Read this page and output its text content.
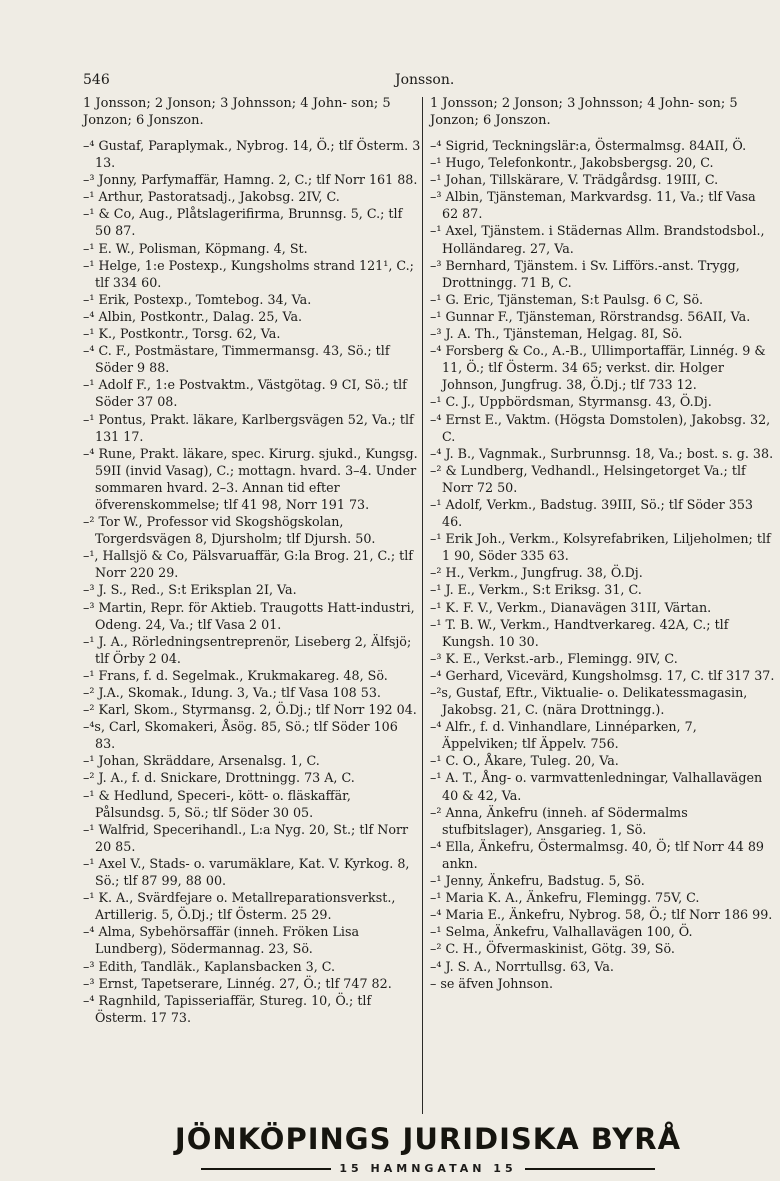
546	Jonsson.
1 Jonsson; 2 Jonson; 3 Johnsson; 4 John- son; 5 Jonzon; 6 Jonszon.

–⁴ Gustaf, Paraplymak., Nybrog. 14, Ö.; tlf Österm. 3 13.

–³ Jonny, Parfymaffär, Hamng. 2, C.; tlf Norr 161 88.

–¹ Arthur, Pastoratsadj., Jakobsg. 2IV, C.

–¹ & Co, Aug., Plåtslagerifirma, Brunnsg. 5, C.; tlf 50 87.

–¹ E. W., Polisman, Köpmang. 4, St.

–¹ Helge, 1:e Postexp., Kungsholms strand 121¹, C.; tlf 334 60.

–¹ Erik, Postexp., Tomtebog. 34, Va.

–⁴ Albin, Postkontr., Dalag. 25, Va.

–¹ K., Postkontr., Torsg. 62, Va.

–⁴ C. F., Postmästare, Timmermansg. 43, Sö.; tlf Söder 9 88.

–¹ Adolf F., 1:e Postvaktm., Västgötag. 9 CI, Sö.; tlf Söder 37 08.

–¹ Pontus, Prakt. läkare, Karlbergsvägen 52, Va.; tlf 131 17.

–⁴ Rune, Prakt. läkare, spec. Kirurg. sjukd., Kungsg. 59II (invid Vasag), C.; mottagn. hvard. 3–4. Under sommaren hvard. 2–3. Annan tid efter öfverenskommelse; tlf 41 98, Norr 191 73.

–² Tor W., Professor vid Skogshögskolan, Torgerdsvägen 8, Djursholm; tlf Djursh. 50.

–¹, Hallsjö & Co, Pälsvaruaffär, G:la Brog. 21, C.; tlf Norr 220 29.

–³ J. S., Red., S:t Eriksplan 2I, Va.

–³ Martin, Repr. för Aktieb. Traugotts Hatt-industri, Odeng. 24, Va.; tlf Vasa 2 01.

–¹ J. A., Rörledningsentreprenör, Liseberg 2, Älfsjö; tlf Örby 2 04.

–¹ Frans, f. d. Segelmak., Krukmakareg. 48, Sö.

–² J.A., Skomak., Idung. 3, Va.; tlf Vasa 108 53.

–² Karl, Skom., Styrmansg. 2, Ö.Dj.; tlf Norr 192 04.

–⁴s, Carl, Skomakeri, Åsög. 85, Sö.; tlf Söder 106 83.

–¹ Johan, Skräddare, Arsenalsg. 1, C.

–² J. A., f. d. Snickare, Drottningg. 73 A, C.

–¹ & Hedlund, Speceri-, kött- o. fläskaffär, Pålsundsg. 5, Sö.; tlf Söder 30 05.

–¹ Walfrid, Specerihandl., L:a Nyg. 20, St.; tlf Norr 20 85.

–¹ Axel V., Stads- o. varumäklare, Kat. V. Kyrkog. 8, Sö.; tlf 87 99, 88 00.

–¹ K. A., Svärdfejare o. Metallreparationsverkst., Artillerig. 5, Ö.Dj.; tlf Österm. 25 29.

–⁴ Alma, Sybehörsaffär (inneh. Fröken Lisa Lundberg), Södermannag. 23, Sö.

–³ Edith, Tandläk., Kaplansbacken 3, C.

–³ Ernst, Tapetserare, Linnég. 27, Ö.; tlf 747 82.

–⁴ Ragnhild, Tapisseriaffär, Stureg. 10, Ö.; tlf Österm. 17 73.

1 Jonsson; 2 Jonson; 3 Johnsson; 4 John- son; 5 Jonzon; 6 Jonszon.

–⁴ Sigrid, Teckningslär:a, Östermalmsg. 84AII, Ö.

–¹ Hugo, Telefonkontr., Jakobsbergsg. 20, C.

–¹ Johan, Tillskärare, V. Trädgårdsg. 19III, C.

–³ Albin, Tjänsteman, Markvardsg. 11, Va.; tlf Vasa 62 87.

–¹ Axel, Tjänstem. i Städernas Allm. Brandstodsbol., Holländareg. 27, Va.

–³ Bernhard, Tjänstem. i Sv. Lifförs.-anst. Trygg, Drottningg. 71 B, C.

–¹ G. Eric, Tjänsteman, S:t Paulsg. 6 C, Sö.

–¹ Gunnar F., Tjänsteman, Rörstrandsg. 56AII, Va.

–³ J. A. Th., Tjänsteman, Helgag. 8I, Sö.

–⁴ Forsberg & Co., A.-B., Ullimportaffär, Linnég. 9 & 11, Ö.; tlf Österm. 34 65; verkst. dir. Holger Johnson, Jungfrug. 38, Ö.Dj.; tlf 733 12.

–¹ C. J., Uppbördsman, Styrmansg. 43, Ö.Dj.

–⁴ Ernst E., Vaktm. (Högsta Domstolen), Jakobsg. 32, C.

–⁴ J. B., Vagnmak., Surbrunnsg. 18, Va.; bost. s. g. 38.

–² & Lundberg, Vedhandl., Helsingetorget Va.; tlf Norr 72 50.

–¹ Adolf, Verkm., Badstug. 39III, Sö.; tlf Söder 353 46.

–¹ Erik Joh., Verkm., Kolsyrefabriken, Liljeholmen; tlf 1 90, Söder 335 63.

–² H., Verkm., Jungfrug. 38, Ö.Dj.

–¹ J. E., Verkm., S:t Eriksg. 31, C.

–¹ K. F. V., Verkm., Dianavägen 31II, Värtan.

–¹ T. B. W., Verkm., Handtverkareg. 42A, C.; tlf Kungsh. 10 30.

–³ K. E., Verkst.-arb., Flemingg. 9IV, C.

–⁴ Gerhard, Vicevärd, Kungsholmsg. 17, C. tlf 317 37.

–²s, Gustaf, Eftr., Viktualie- o. Delikatessmagasin, Jakobsg. 21, C. (nära Drottningg.).

–⁴ Alfr., f. d. Vinhandlare, Linnéparken, 7, Äppelviken; tlf Äppelv. 756.

–¹ C. O., Åkare, Tuleg. 20, Va.

–¹ A. T., Ång- o. varmvattenledningar, Valhallavägen 40 & 42, Va.

–² Anna, Änkefru (inneh. af Södermalms stufbitslager), Ansgarieg. 1, Sö.

–⁴ Ella, Änkefru, Östermalmsg. 40, Ö; tlf Norr 44 89 ankn.

–¹ Jenny, Änkefru, Badstug. 5, Sö.

–¹ Maria K. A., Änkefru, Flemingg. 75V, C.

–⁴ Maria E., Änkefru, Nybrog. 58, Ö.; tlf Norr 186 99.

–¹ Selma, Änkefru, Valhallavägen 100, Ö.

–² C. H., Öfvermaskinist, Götg. 39, Sö.

–⁴ J. S. A., Norrtullsg. 63, Va.

– se äfven Johnson.

JÖNKÖPINGS JURIDISKA BYRÅ
15 HAMNGATAN 15
